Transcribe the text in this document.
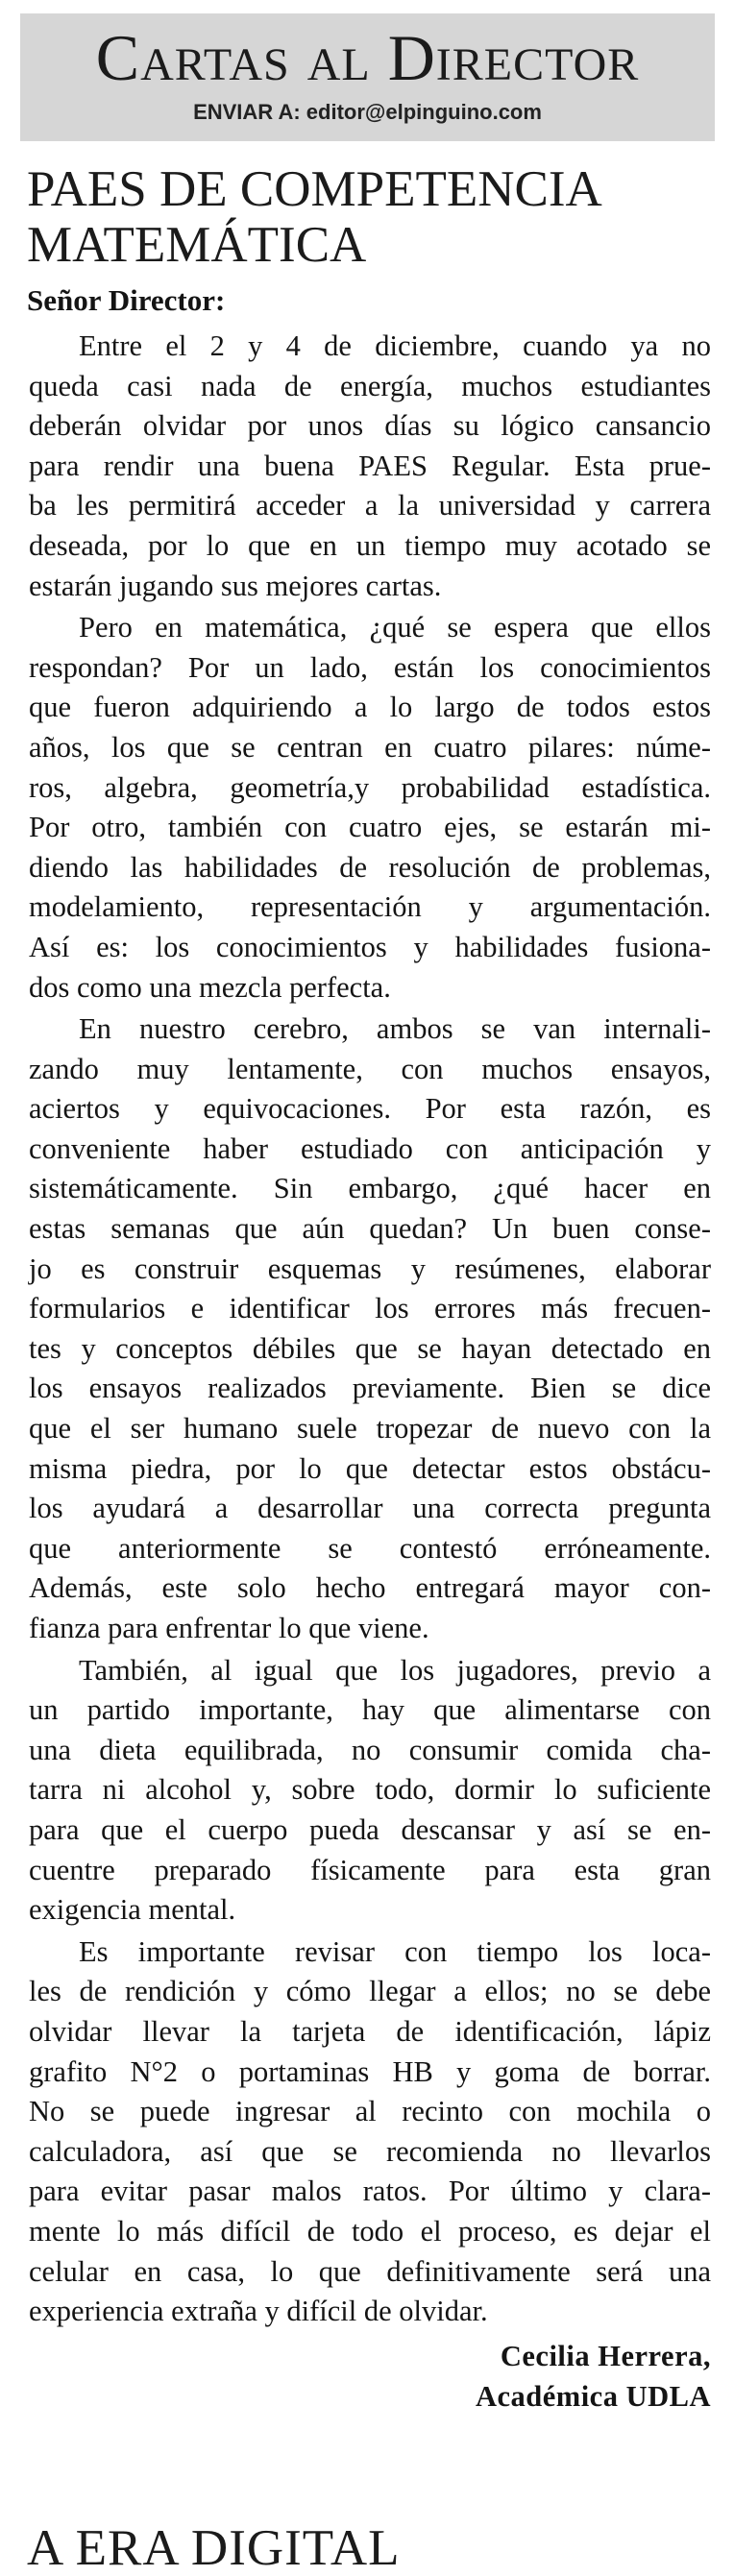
Cartas al Director
ENVIAR A: editor@elpinguino.com
PAES DE COMPETENCIA MATEMÁTICA
Señor Director:
Entre el 2 y 4 de diciembre, cuando ya no
queda casi nada de energía, muchos estudiantes
deberán olvidar por unos días su lógico cansancio
para rendir una buena PAES Regular. Esta prue-
ba les permitirá acceder a la universidad y carrera
deseada, por lo que en un tiempo muy acotado se
estarán jugando sus mejores cartas.
Pero en matemática, ¿qué se espera que ellos
respondan? Por un lado, están los conocimientos
que fueron adquiriendo a lo largo de todos estos
años, los que se centran en cuatro pilares: núme-
ros, algebra, geometría,y probabilidad estadística.
Por otro, también con cuatro ejes, se estarán mi-
diendo las habilidades de resolución de problemas,
modelamiento, representación y argumentación.
Así es: los conocimientos y habilidades fusiona-
dos como una mezcla perfecta.
En nuestro cerebro, ambos se van internali-
zando muy lentamente, con muchos ensayos,
aciertos y equivocaciones. Por esta razón, es
conveniente haber estudiado con anticipación y
sistemáticamente. Sin embargo, ¿qué hacer en
estas semanas que aún quedan? Un buen conse-
jo es construir esquemas y resúmenes, elaborar
formularios e identificar los errores más frecuen-
tes y conceptos débiles que se hayan detectado en
los ensayos realizados previamente. Bien se dice
que el ser humano suele tropezar de nuevo con la
misma piedra, por lo que detectar estos obstácu-
los ayudará a desarrollar una correcta pregunta
que anteriormente se contestó erróneamente.
Además, este solo hecho entregará mayor con-
fianza para enfrentar lo que viene.
También, al igual que los jugadores, previo a
un partido importante, hay que alimentarse con
una dieta equilibrada, no consumir comida cha-
tarra ni alcohol y, sobre todo, dormir lo suficiente
para que el cuerpo pueda descansar y así se en-
cuentre preparado físicamente para esta gran
exigencia mental.
Es importante revisar con tiempo los loca-
les de rendición y cómo llegar a ellos; no se debe
olvidar llevar la tarjeta de identificación, lápiz
grafito N°2 o portaminas HB y goma de borrar.
No se puede ingresar al recinto con mochila o
calculadora, así que se recomienda no llevarlos
para evitar pasar malos ratos. Por último y clara-
mente lo más difícil de todo el proceso, es dejar el
celular en casa, lo que definitivamente será una
experiencia extraña y difícil de olvidar.
Cecilia Herrera,
Académica UDLA
A ERA DIGITAL
